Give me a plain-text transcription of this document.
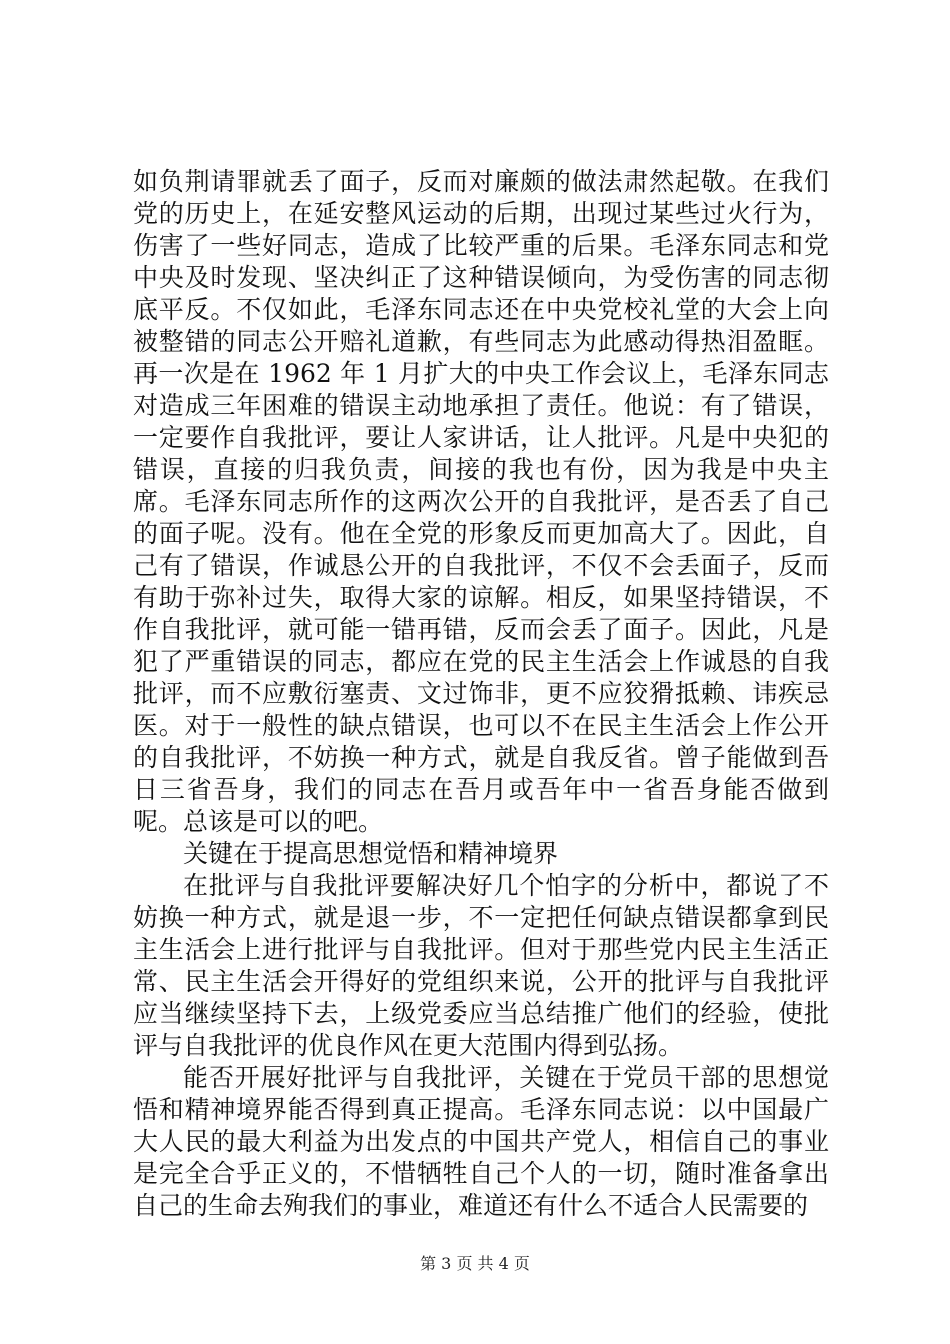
如负荆请罪就丢了面子，反而对廉颇的做法肃然起敬。在我们党的历史上，在延安整风运动的后期，出现过某些过火行为，伤害了一些好同志，造成了比较严重的后果。毛泽东同志和党中央及时发现、坚决纠正了这种错误倾向，为受伤害的同志彻底平反。不仅如此，毛泽东同志还在中央党校礼堂的大会上向被整错的同志公开赔礼道歉，有些同志为此感动得热泪盈眶。再一次是在 1962 年 1 月扩大的中央工作会议上，毛泽东同志对造成三年困难的错误主动地承担了责任。他说：有了错误，一定要作自我批评，要让人家讲话，让人批评。凡是中央犯的错误，直接的归我负责，间接的我也有份，因为我是中央主席。毛泽东同志所作的这两次公开的自我批评，是否丢了自己的面子呢。没有。他在全党的形象反而更加高大了。因此，自己有了错误，作诚恳公开的自我批评，不仅不会丢面子，反而有助于弥补过失，取得大家的谅解。相反，如果坚持错误，不作自我批评，就可能一错再错，反而会丢了面子。因此，凡是犯了严重错误的同志，都应在党的民主生活会上作诚恳的自我批评，而不应敷衍塞责、文过饰非，更不应狡猾抵赖、讳疾忌医。对于一般性的缺点错误，也可以不在民主生活会上作公开的自我批评，不妨换一种方式，就是自我反省。曾子能做到吾日三省吾身，我们的同志在吾月或吾年中一省吾身能否做到呢。总该是可以的吧。

关键在于提高思想觉悟和精神境界

在批评与自我批评要解决好几个怕字的分析中，都说了不妨换一种方式，就是退一步，不一定把任何缺点错误都拿到民主生活会上进行批评与自我批评。但对于那些党内民主生活正常、民主生活会开得好的党组织来说，公开的批评与自我批评应当继续坚持下去，上级党委应当总结推广他们的经验，使批评与自我批评的优良作风在更大范围内得到弘扬。

能否开展好批评与自我批评，关键在于党员干部的思想觉悟和精神境界能否得到真正提高。毛泽东同志说：以中国最广大人民的最大利益为出发点的中国共产党人，相信自己的事业是完全合乎正义的，不惜牺牲自己个人的一切，随时准备拿出自己的生命去殉我们的事业，难道还有什么不适合人民需要的

第 3 页 共 4 页
